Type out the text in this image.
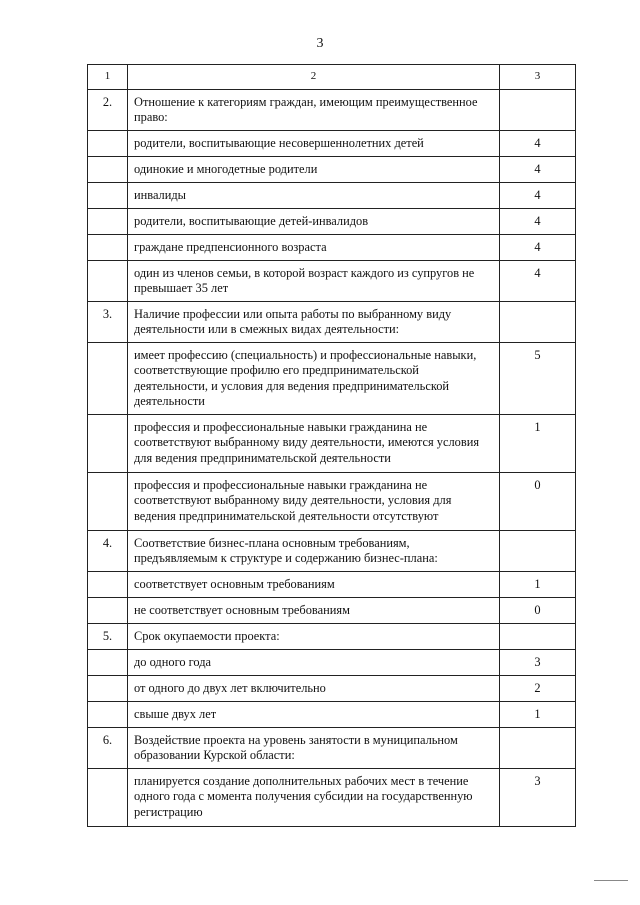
3
1	2	3
2.	Отношение к категориям граждан, имеющим преимущественное право:	
	родители, воспитывающие несовершеннолетних детей	4
	одинокие и многодетные родители	4
	инвалиды	4
	родители, воспитывающие детей-инвалидов	4
	граждане предпенсионного возраста	4
	один из членов семьи, в которой возраст каждого из супругов не превышает 35 лет	4
3.	Наличие профессии или опыта работы по выбранному виду деятельности или в смежных видах деятельности:	
	имеет профессию (специальность) и профессиональные навыки, соответствующие профилю его предпринимательской деятельности, и условия для ведения предпринимательской деятельности	5
	профессия и профессиональные навыки гражданина не соответствуют выбранному виду деятельности, имеются условия для ведения предпринимательской деятельности	1
	профессия и профессиональные навыки гражданина не соответствуют выбранному виду деятельности, условия для ведения предпринимательской деятельности отсутствуют	0
4.	Соответствие бизнес-плана основным требованиям, предъявляемым к структуре и содержанию бизнес-плана:	
	соответствует основным требованиям	1
	не соответствует основным требованиям	0
5.	Срок окупаемости проекта:	
	до одного года	3
	от одного до двух лет включительно	2
	свыше двух лет	1
6.	Воздействие проекта на уровень занятости в муниципальном образовании Курской области:	
	планируется создание дополнительных рабочих мест в течение одного года с момента получения субсидии на государственную регистрацию	3
